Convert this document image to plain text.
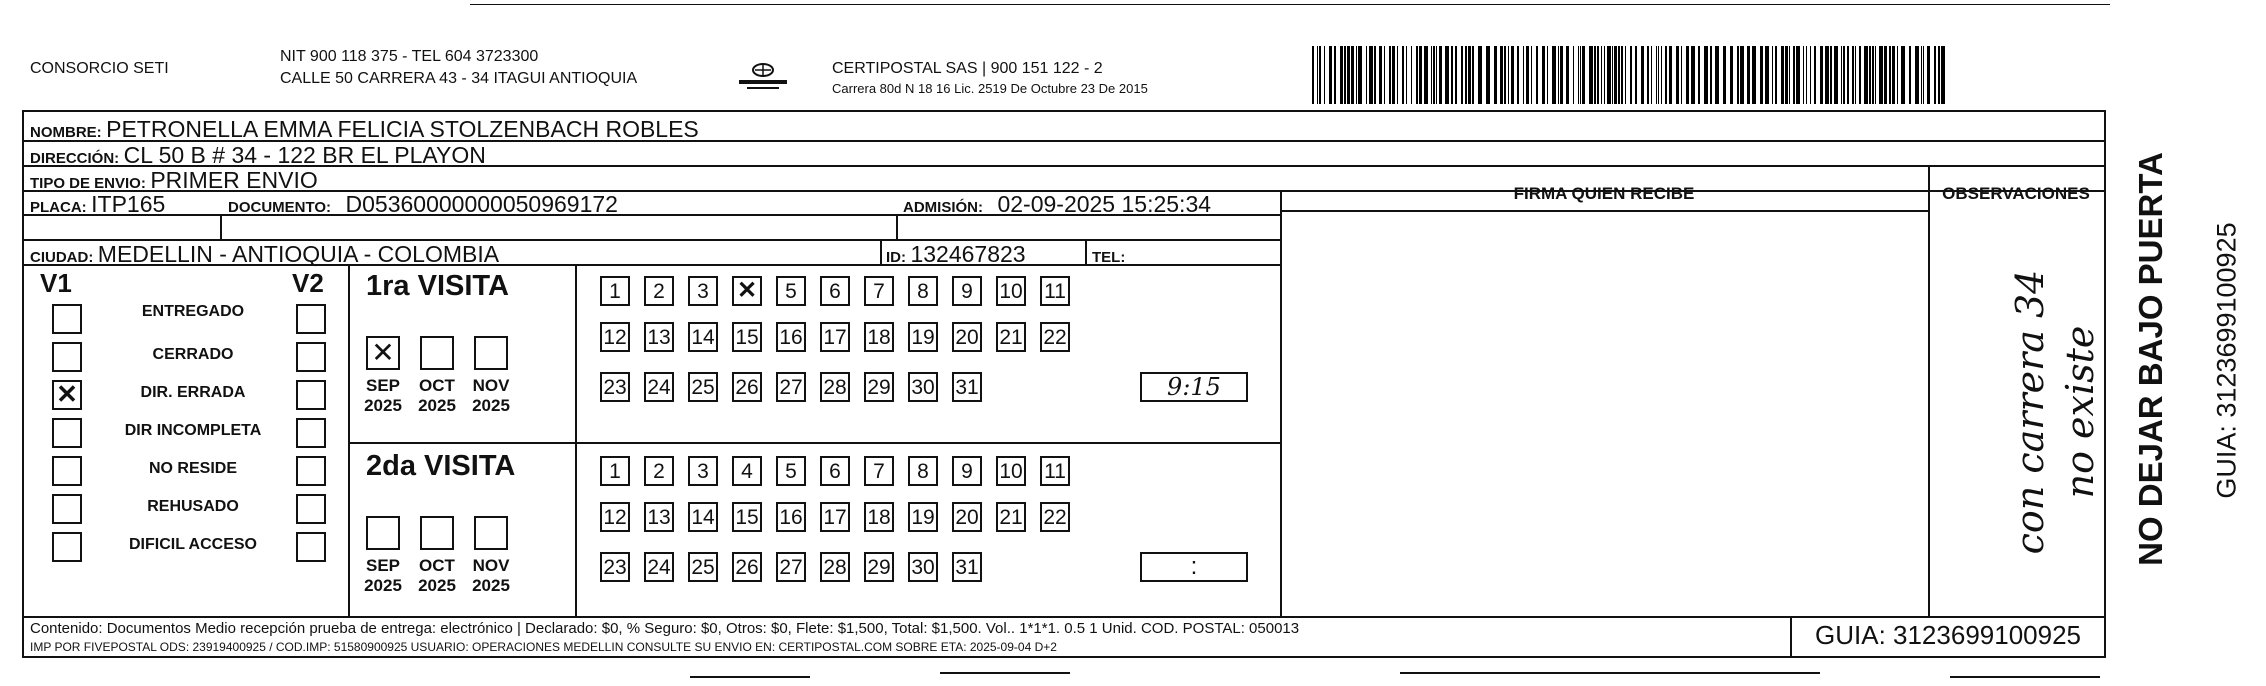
CONSORCIO SETI
NIT 900 118 375 - TEL 604 3723300
CALLE 50 CARRERA 43 - 34 ITAGUI ANTIOQUIA
CERTIPOSTAL SAS | 900 151 122 - 2
Carrera 80d N 18 16 Lic. 2519 De Octubre 23 De 2015
NOMBRE: PETRONELLA EMMA FELICIA STOLZENBACH ROBLES
DIRECCIÓN: CL 50 B # 34 - 122 BR EL PLAYON
TIPO DE ENVIO: PRIMER ENVIO
PLACA: ITP165	DOCUMENTO: D05360000000050969172	ADMISIÓN: 02-09-2025 15:25:34
CIUDAD: MEDELLIN - ANTIOQUIA - COLOMBIA	ID: 132467823	TEL:
FIRMA QUIEN RECIBE	OBSERVACIONES
con carrera 34 no existe
V1	V2
ENTREGADO
CERRADO
✕
DIR. ERRADA
DIR INCOMPLETA
NO RESIDE
REHUSADO
DIFICIL ACCESO
1ra VISITA
✕
SEP
2025
OCT
2025
NOV
2025
1	2	3
✕	5	6	7	8	9	10 11
12 13 14 15 16 17 18 19 20 21 22
23 24 25 26 27 28 29 30 31	9:15
2da VISITA
SEP
2025
OCT
2025
NOV
2025
1	2	3	4	5	6	7	8	9	10 11
12 13 14 15 16 17 18 19 20 21 22
23 24 25 26 27 28 29 30 31	:
Contenido: Documentos Medio recepción prueba de entrega: electrónico | Declarado: $0, % Seguro: $0, Otros: $0, Flete: $1,500, Total: $1,500. Vol.. 1*1*1. 0.5 1 Unid. COD. POSTAL: 050013
IMP POR FIVEPOSTAL ODS: 23919400925 / COD.IMP: 51580900925 USUARIO: OPERACIONES MEDELLIN CONSULTE SU ENVIO EN: CERTIPOSTAL.COM SOBRE ETA: 2025-09-04 D+2	GUIA: 3123699100925
NO DEJAR BAJO PUERTA GUIA: 3123699100925
